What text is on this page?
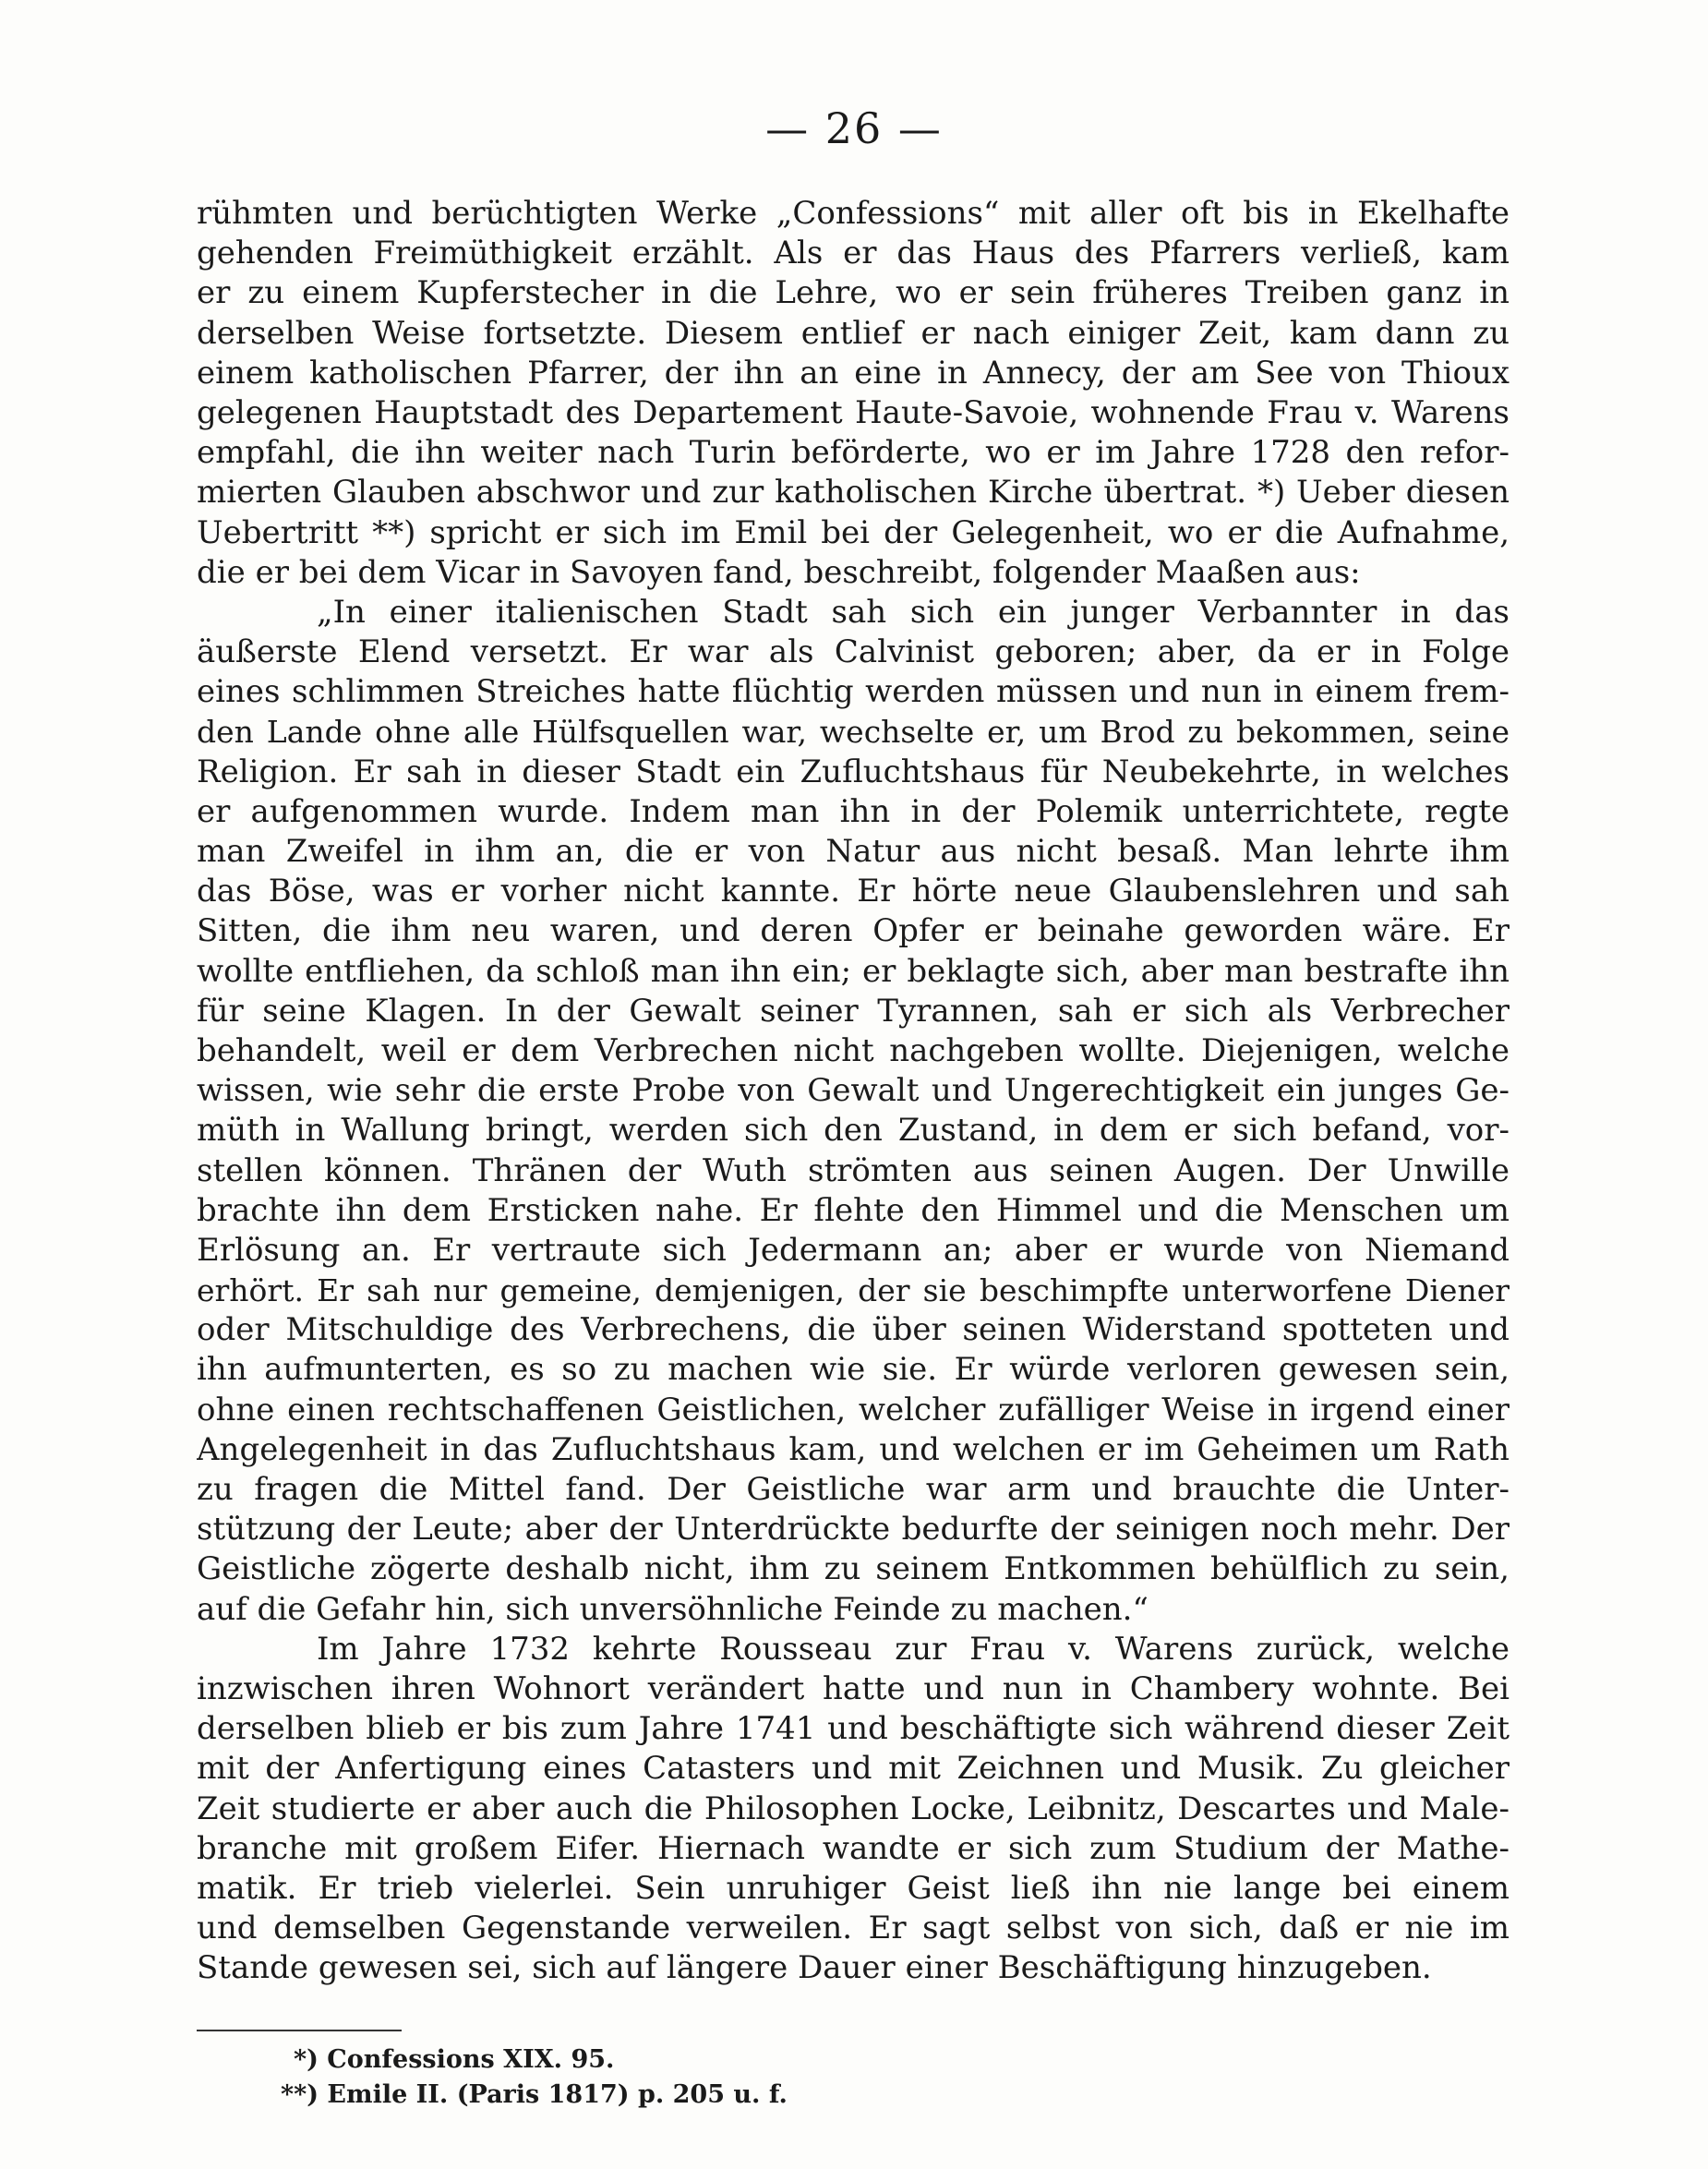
— 26 —
rühmten und berüchtigten Werke „Confessions“ mit aller oft bis in Ekelhafte
gehenden Freimüthigkeit erzählt. Als er das Haus des Pfarrers verließ, kam
er zu einem Kupferstecher in die Lehre, wo er sein früheres Treiben ganz in
derselben Weise fortsetzte. Diesem entlief er nach einiger Zeit, kam dann zu
einem katholischen Pfarrer, der ihn an eine in Annecy, der am See von Thioux
gelegenen Hauptstadt des Departement Haute-Savoie, wohnende Frau v. Warens
empfahl, die ihn weiter nach Turin beförderte, wo er im Jahre 1728 den refor-
mierten Glauben abschwor und zur katholischen Kirche übertrat. *) Ueber diesen
Uebertritt **) spricht er sich im Emil bei der Gelegenheit, wo er die Aufnahme,
die er bei dem Vicar in Savoyen fand, beschreibt, folgender Maaßen aus:
„In einer italienischen Stadt sah sich ein junger Verbannter in das
äußerste Elend versetzt. Er war als Calvinist geboren; aber, da er in Folge
eines schlimmen Streiches hatte flüchtig werden müssen und nun in einem frem-
den Lande ohne alle Hülfsquellen war, wechselte er, um Brod zu bekommen, seine
Religion. Er sah in dieser Stadt ein Zufluchtshaus für Neubekehrte, in welches
er aufgenommen wurde. Indem man ihn in der Polemik unterrichtete, regte
man Zweifel in ihm an, die er von Natur aus nicht besaß. Man lehrte ihm
das Böse, was er vorher nicht kannte. Er hörte neue Glaubenslehren und sah
Sitten, die ihm neu waren, und deren Opfer er beinahe geworden wäre. Er
wollte entfliehen, da schloß man ihn ein; er beklagte sich, aber man bestrafte ihn
für seine Klagen. In der Gewalt seiner Tyrannen, sah er sich als Verbrecher
behandelt, weil er dem Verbrechen nicht nachgeben wollte. Diejenigen, welche
wissen, wie sehr die erste Probe von Gewalt und Ungerechtigkeit ein junges Ge-
müth in Wallung bringt, werden sich den Zustand, in dem er sich befand, vor-
stellen können. Thränen der Wuth strömten aus seinen Augen. Der Unwille
brachte ihn dem Ersticken nahe. Er flehte den Himmel und die Menschen um
Erlösung an. Er vertraute sich Jedermann an; aber er wurde von Niemand
erhört. Er sah nur gemeine, demjenigen, der sie beschimpfte unterworfene Diener
oder Mitschuldige des Verbrechens, die über seinen Widerstand spotteten und
ihn aufmunterten, es so zu machen wie sie. Er würde verloren gewesen sein,
ohne einen rechtschaffenen Geistlichen, welcher zufälliger Weise in irgend einer
Angelegenheit in das Zufluchtshaus kam, und welchen er im Geheimen um Rath
zu fragen die Mittel fand. Der Geistliche war arm und brauchte die Unter-
stützung der Leute; aber der Unterdrückte bedurfte der seinigen noch mehr. Der
Geistliche zögerte deshalb nicht, ihm zu seinem Entkommen behülflich zu sein,
auf die Gefahr hin, sich unversöhnliche Feinde zu machen.“
Im Jahre 1732 kehrte Rousseau zur Frau v. Warens zurück, welche
inzwischen ihren Wohnort verändert hatte und nun in Chambery wohnte. Bei
derselben blieb er bis zum Jahre 1741 und beschäftigte sich während dieser Zeit
mit der Anfertigung eines Catasters und mit Zeichnen und Musik. Zu gleicher
Zeit studierte er aber auch die Philosophen Locke, Leibnitz, Descartes und Male-
branche mit großem Eifer. Hiernach wandte er sich zum Studium der Mathe-
matik. Er trieb vielerlei. Sein unruhiger Geist ließ ihn nie lange bei einem
und demselben Gegenstande verweilen. Er sagt selbst von sich, daß er nie im
Stande gewesen sei, sich auf längere Dauer einer Beschäftigung hinzugeben.
*) Confessions XIX. 95.
**) Emile II. (Paris 1817) p. 205 u. f.
